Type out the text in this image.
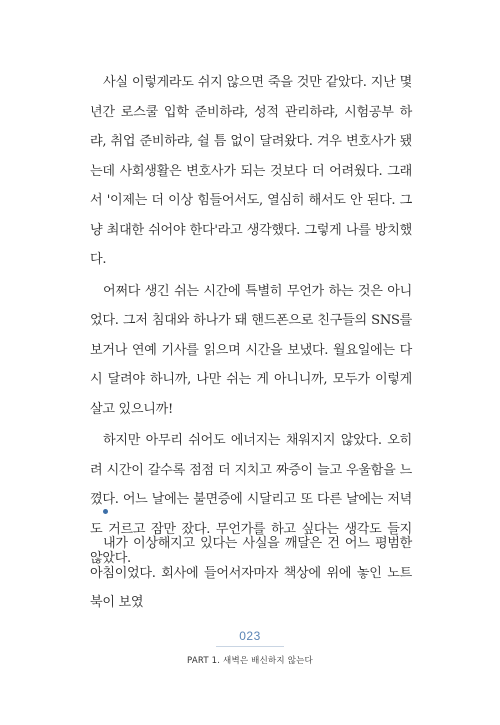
사실 이렇게라도 쉬지 않으면 죽을 것만 같았다. 지난 몇 년간 로스쿨 입학 준비하랴, 성적 관리하랴, 시험공부 하랴, 취업 준비하랴, 쉴 틈 없이 달려왔다. 겨우 변호사가 됐는데 사회생활은 변호사가 되는 것보다 더 어려웠다. 그래서 '이제는 더 이상 힘들어서도, 열심히 해서도 안 된다. 그냥 최대한 쉬어야 한다'라고 생각했다. 그렇게 나를 방치했다.

어쩌다 생긴 쉬는 시간에 특별히 무언가 하는 것은 아니었다. 그저 침대와 하나가 돼 핸드폰으로 친구들의 SNS를 보거나 연예 기사를 읽으며 시간을 보냈다. 월요일에는 다시 달려야 하니까, 나만 쉬는 게 아니니까, 모두가 이렇게 살고 있으니까!

하지만 아무리 쉬어도 에너지는 채워지지 않았다. 오히려 시간이 갈수록 점점 더 지치고 짜증이 늘고 우울함을 느꼈다. 어느 날에는 불면증에 시달리고 또 다른 날에는 저녁도 거르고 잠만 잤다. 무언가를 하고 싶다는 생각도 들지 않았다.

내가 이상해지고 있다는 사실을 깨달은 건 어느 평범한 아침이었다. 회사에 들어서자마자 책상에 위에 놓인 노트북이 보였

023
PART 1. 새벽은 배신하지 않는다
